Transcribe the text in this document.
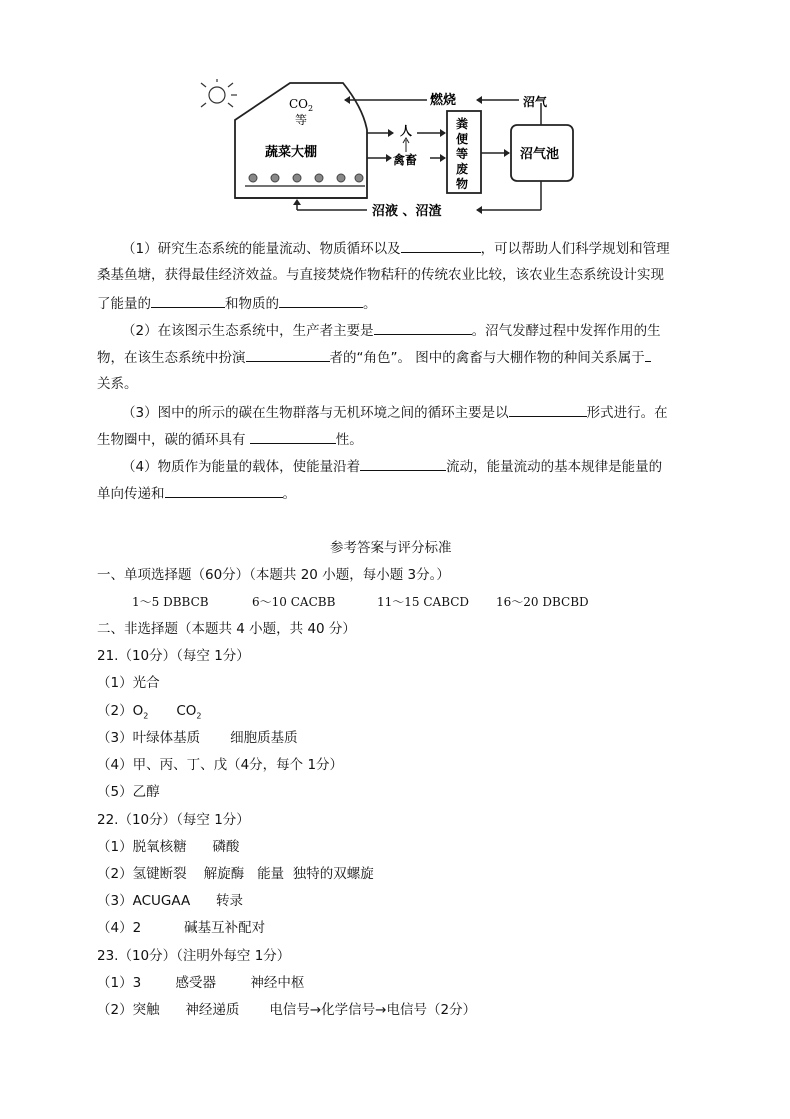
$CO_2$
等
蔬菜大棚
人
禽畜
粪
便
等
废
物
沼气池
沼气
燃烧
沼液 、沼渣
（1）研究生态系统的能量流动、物质循环以及	，可以帮助人们科学规划和管理
桑基鱼塘，获得最佳经济效益。与直接焚烧作物秸秆的传统农业比较，该农业生态系统设计实现
了能量的	和物质的	。
（2）在该图示生态系统中，生产者主要是	。沼气发酵过程中发挥作用的生
物，在该生态系统中扮演	者的“角色”。 图中的禽畜与大棚作物的种间关系属于
关系。
（3）图中的所示的碳在生物群落与无机环境之间的循环主要是以	形式进行。在
生物圈中，碳的循环具有	性。
（4）物质作为能量的载体，使能量沿着	流动，能量流动的基本规律是能量的
单向传递和	。
参考答案与评分标准
一、单项选择题（60分）（本题共 20 小题，每小题 3分。）
1～5 DBBCB	6～10 CACBB	11～15 CABCD 16～20 DBCBD
二、非选择题（本题共 4 小题，共 40 分）
21.（10分）（每空 1分）
（1）光合
$(2)O_2$ $CO_2$
（3）叶绿体基质       细胞质基质
（4）甲、丙、丁、戊（4分，每个 1分）
（5）乙醇
22.（10分）（每空 1分）
（1）脱氧核糖      磷酸
（2）氢键断裂    解旋酶   能量  独特的双螺旋
（3）ACUGAA      转录
（4）2          碱基互补配对
23.（10分）（注明外每空 1分）
（1）3        感受器        神经中枢
（2）突触      神经递质       电信号→化学信号→电信号（2分）
